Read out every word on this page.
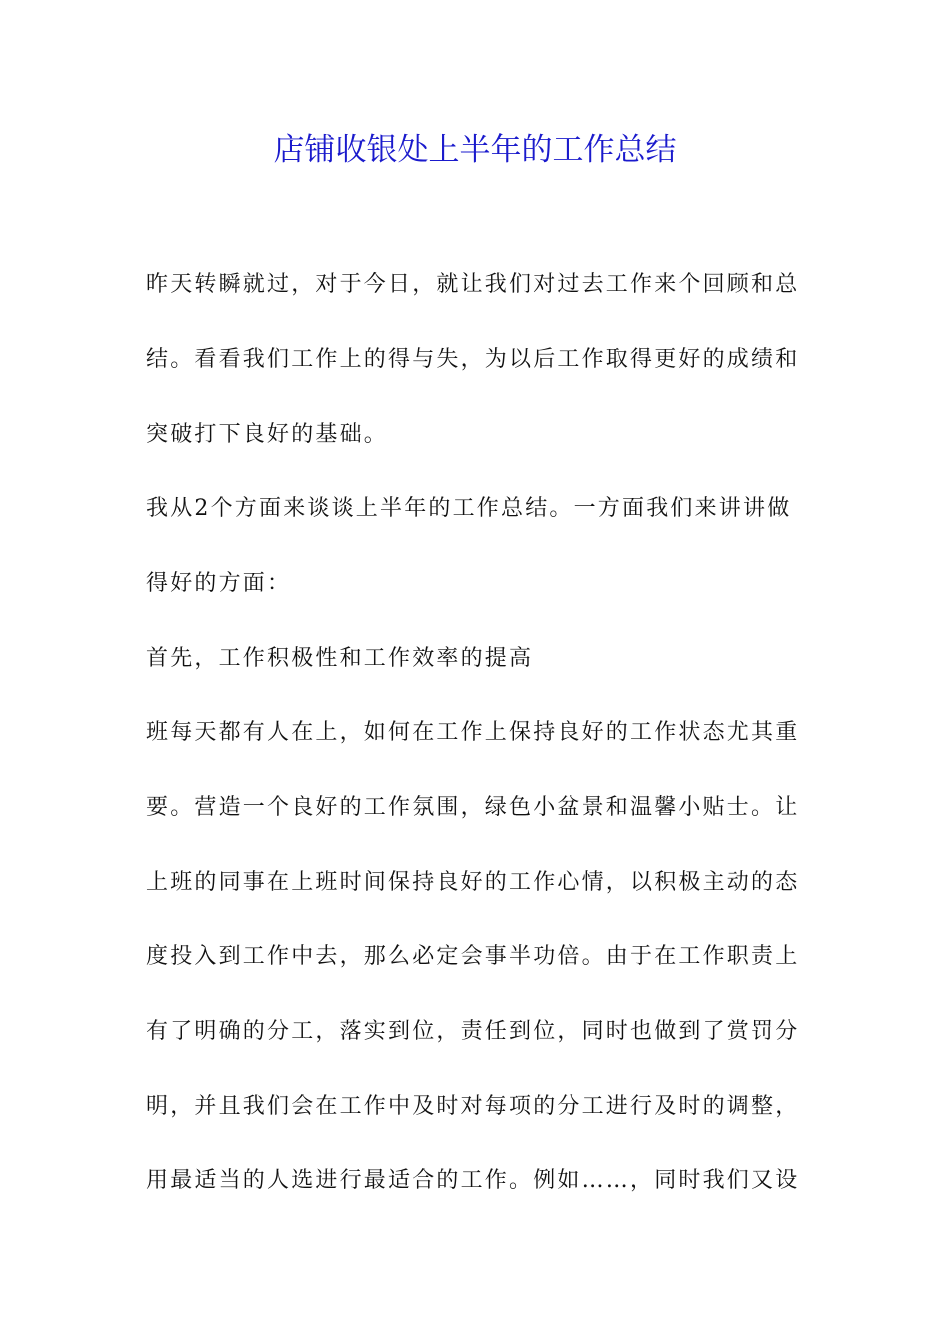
店铺收银处上半年的工作总结

昨天转瞬就过，对于今日，就让我们对过去工作来个回顾和总

结。看看我们工作上的得与失，为以后工作取得更好的成绩和

突破打下良好的基础。

我从2个方面来谈谈上半年的工作总结。一方面我们来讲讲做

得好的方面：

首先，工作积极性和工作效率的提高

班每天都有人在上，如何在工作上保持良好的工作状态尤其重

要。营造一个良好的工作氛围，绿色小盆景和温馨小贴士。让

上班的同事在上班时间保持良好的工作心情，以积极主动的态

度投入到工作中去，那么必定会事半功倍。由于在工作职责上

有了明确的分工，落实到位，责任到位，同时也做到了赏罚分

明，并且我们会在工作中及时对每项的分工进行及时的调整，

用最适当的人选进行最适合的工作。例如……，同时我们又设
